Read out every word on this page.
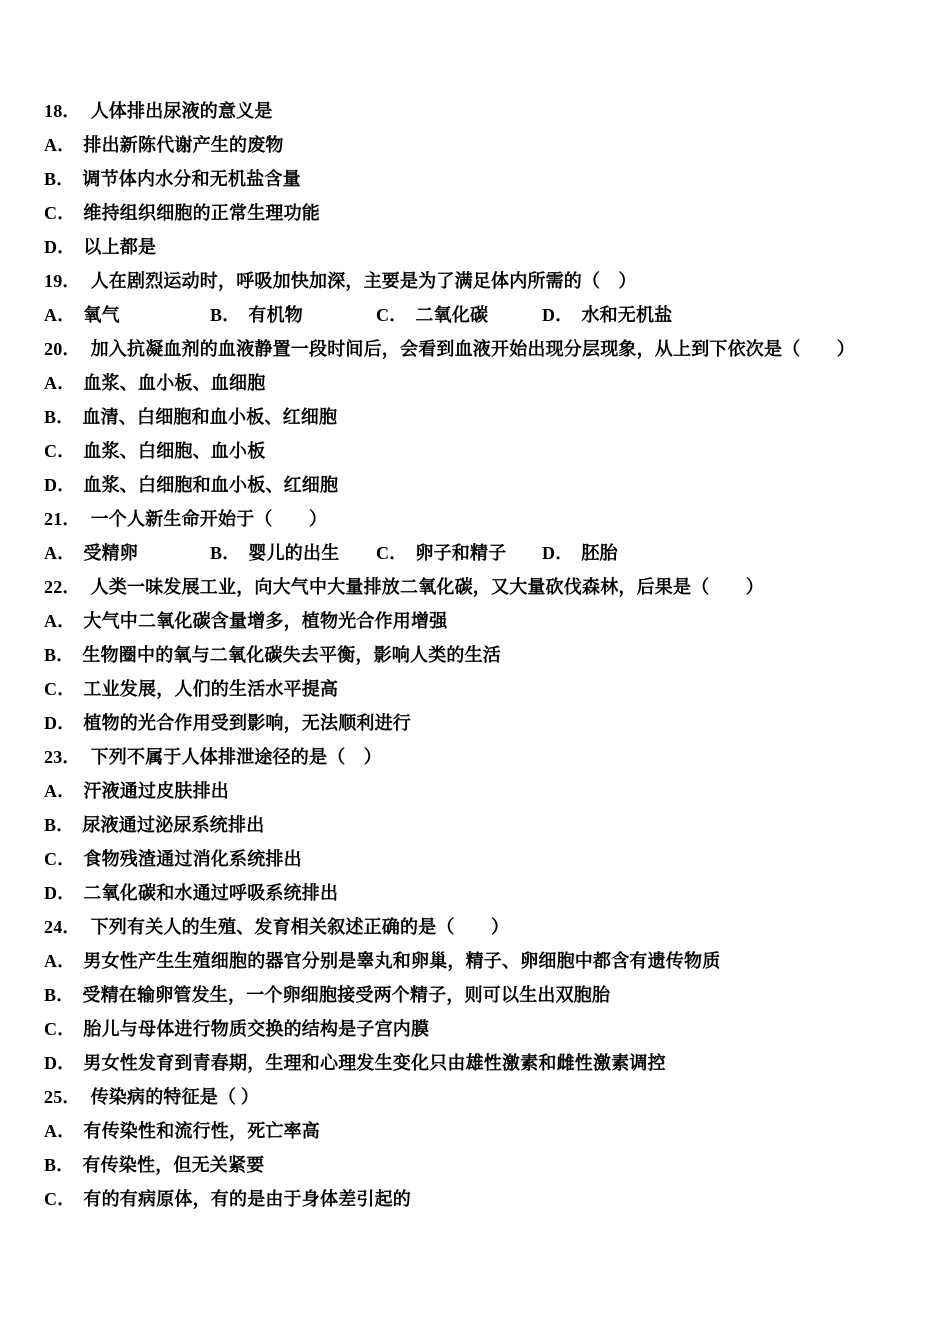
18． 人体排出尿液的意义是
A． 排出新陈代谢产生的废物
B． 调节体内水分和无机盐含量
C． 维持组织细胞的正常生理功能
D． 以上都是
19． 人在剧烈运动时，呼吸加快加深，主要是为了满足体内所需的（　）
A． 氧气	B． 有机物	C． 二氧化碳	D． 水和无机盐
20． 加入抗凝血剂的血液静置一段时间后，会看到血液开始出现分层现象，从上到下依次是（　　）
A． 血浆、血小板、血细胞
B． 血清、白细胞和血小板、红细胞
C． 血浆、白细胞、血小板
D． 血浆、白细胞和血小板、红细胞
21． 一个人新生命开始于（　　）
A． 受精卵	B． 婴儿的出生 C． 卵子和精子 D． 胚胎
22． 人类一味发展工业，向大气中大量排放二氧化碳，又大量砍伐森林，后果是（　　）
A． 大气中二氧化碳含量增多，植物光合作用增强
B． 生物圈中的氧与二氧化碳失去平衡，影响人类的生活
C． 工业发展，人们的生活水平提高
D． 植物的光合作用受到影响，无法顺利进行
23． 下列不属于人体排泄途径的是（　）
A． 汗液通过皮肤排出
B． 尿液通过泌尿系统排出
C． 食物残渣通过消化系统排出
D． 二氧化碳和水通过呼吸系统排出
24． 下列有关人的生殖、发育相关叙述正确的是（　　）
A． 男女性产生生殖细胞的器官分别是睾丸和卵巢，精子、卵细胞中都含有遗传物质
B． 受精在输卵管发生，一个卵细胞接受两个精子，则可以生出双胞胎
C． 胎儿与母体进行物质交换的结构是子宫内膜
D． 男女性发育到青春期，生理和心理发生变化只由雄性激素和雌性激素调控
25． 传染病的特征是（ ）
A． 有传染性和流行性，死亡率高
B． 有传染性，但无关紧要
C． 有的有病原体，有的是由于身体差引起的
